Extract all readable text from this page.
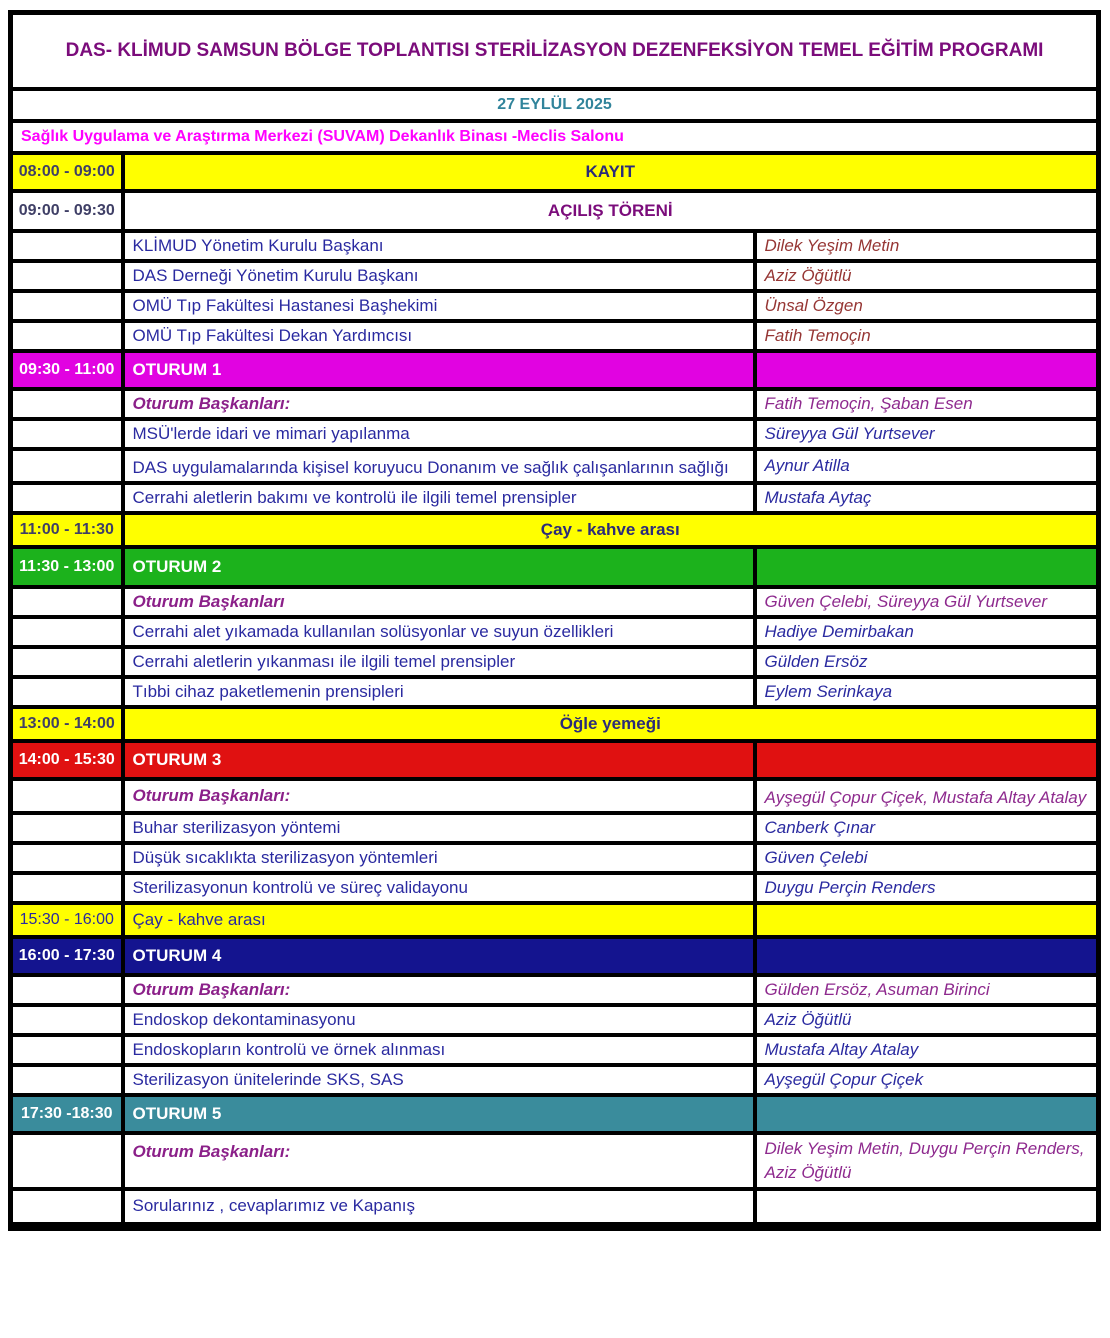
DAS- KLİMUD SAMSUN BÖLGE TOPLANTISI STERİLİZASYON DEZENFEKSİYON TEMEL EĞİTİM PROGRAMI		
27 EYLÜL 2025		
Sağlık Uygulama ve Araştırma Merkezi (SUVAM) Dekanlık Binası -Meclis Salonu		
08:00 - 09:00	KAYIT	
09:00 - 09:30	AÇILIŞ TÖRENİ	
	KLİMUD Yönetim Kurulu Başkanı	Dilek Yeşim Metin
	DAS Derneği Yönetim Kurulu Başkanı	Aziz Öğütlü
	OMÜ Tıp Fakültesi Hastanesi Başhekimi	Ünsal Özgen
	OMÜ Tıp Fakültesi Dekan Yardımcısı	Fatih Temoçin
09:30 - 11:00	OTURUM 1	
	Oturum Başkanları:	Fatih Temoçin, Şaban Esen
	MSÜ'lerde idari ve mimari yapılanma	Süreyya Gül Yurtsever
	DAS uygulamalarında kişisel koruyucu Donanım ve sağlık çalışanlarının sağlığı	Aynur Atilla
	Cerrahi aletlerin bakımı ve kontrolü ile ilgili temel prensipler	Mustafa Aytaç
11:00 - 11:30	Çay - kahve arası	
11:30 - 13:00	OTURUM 2	
	Oturum Başkanları	Güven Çelebi, Süreyya Gül Yurtsever
	Cerrahi alet yıkamada kullanılan solüsyonlar ve suyun özellikleri	Hadiye Demirbakan
	Cerrahi aletlerin yıkanması ile ilgili temel prensipler	Gülden Ersöz
	Tıbbi cihaz paketlemenin prensipleri	Eylem Serinkaya
13:00 - 14:00	Öğle yemeği	
14:00 - 15:30	OTURUM 3	
	Oturum Başkanları:	Ayşegül Çopur Çiçek, Mustafa Altay Atalay
	Buhar sterilizasyon yöntemi	Canberk Çınar
	Düşük sıcaklıkta sterilizasyon yöntemleri	Güven Çelebi
	Sterilizasyonun kontrolü ve süreç validayonu	Duygu Perçin Renders
15:30 - 16:00	Çay - kahve arası	
16:00 - 17:30	OTURUM 4	
	Oturum Başkanları:	Gülden Ersöz, Asuman Birinci
	Endoskop dekontaminasyonu	Aziz Öğütlü
	Endoskopların kontrolü ve örnek alınması	Mustafa Altay Atalay
	Sterilizasyon ünitelerinde SKS, SAS	Ayşegül Çopur Çiçek
17:30 -18:30	OTURUM 5	
	Oturum Başkanları:	Dilek Yeşim Metin, Duygu Perçin Renders, Aziz Öğütlü
	Sorularınız , cevaplarımız ve Kapanış	
